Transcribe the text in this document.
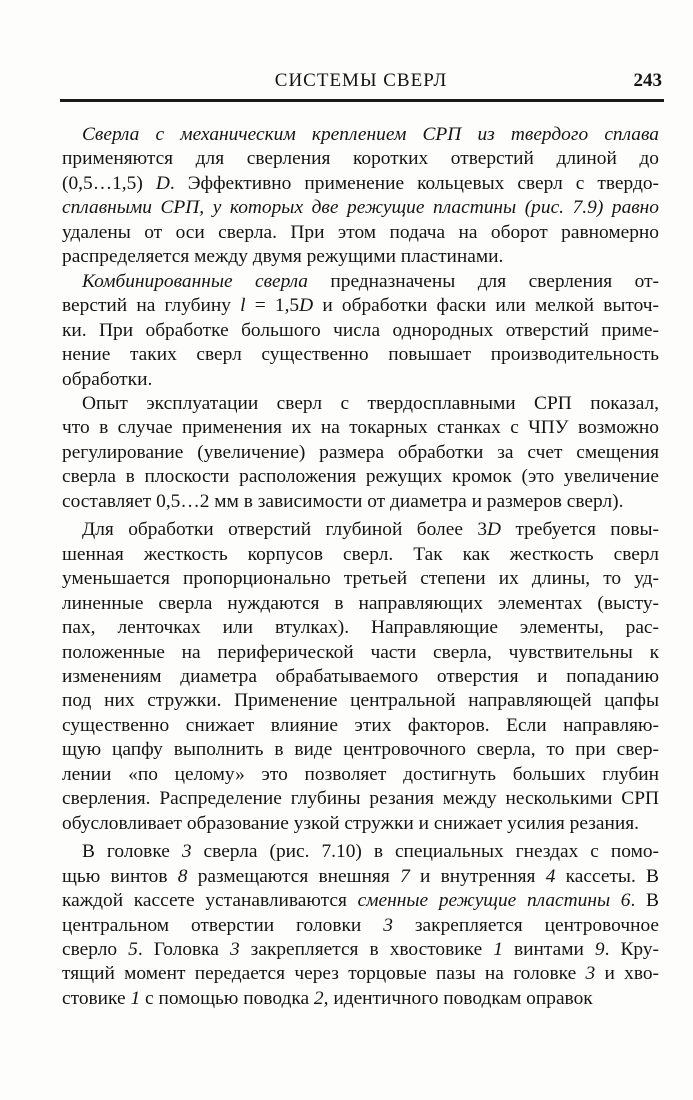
СИСТЕМЫ СВЕРЛ	243
Сверла с механическим креплением СРП из твердого сплава
применяются для сверления коротких отверстий длиной до
(0,5…1,5) D. Эффективно применение кольцевых сверл с твердо-
сплавными СРП, у которых две режущие пластины (рис. 7.9) равно
удалены от оси сверла. При этом подача на оборот равномерно
распределяется между двумя режущими пластинами.
Комбинированные сверла предназначены для сверления от-
верстий на глубину l = 1,5D и обработки фаски или мелкой выточ-
ки. При обработке большого числа однородных отверстий приме-
нение таких сверл существенно повышает производительность
обработки.
Опыт эксплуатации сверл с твердосплавными СРП показал,
что в случае применения их на токарных станках с ЧПУ возможно
регулирование (увеличение) размера обработки за счет смещения
сверла в плоскости расположения режущих кромок (это увеличение
составляет 0,5…2 мм в зависимости от диаметра и размеров сверл).
Для обработки отверстий глубиной более 3D требуется повы-
шенная жесткость корпусов сверл. Так как жесткость сверл
уменьшается пропорционально третьей степени их длины, то уд-
линенные сверла нуждаются в направляющих элементах (высту-
пах, ленточках или втулках). Направляющие элементы, рас-
положенные на периферической части сверла, чувствительны к
изменениям диаметра обрабатываемого отверстия и попаданию
под них стружки. Применение центральной направляющей цапфы
существенно снижает влияние этих факторов. Если направляю-
щую цапфу выполнить в виде центровочного сверла, то при свер-
лении «по целому» это позволяет достигнуть больших глубин
сверления. Распределение глубины резания между несколькими СРП
обусловливает образование узкой стружки и снижает усилия резания.
В головке 3 сверла (рис. 7.10) в специальных гнездах с помо-
щью винтов 8 размещаются внешняя 7 и внутренняя 4 кассеты. В
каждой кассете устанавливаются сменные режущие пластины 6. В
центральном отверстии головки 3 закрепляется центровочное
сверло 5. Головка 3 закрепляется в хвостовике 1 винтами 9. Кру-
тящий момент передается через торцовые пазы на головке 3 и хво-
стовике 1 с помощью поводка 2, идентичного поводкам оправок
